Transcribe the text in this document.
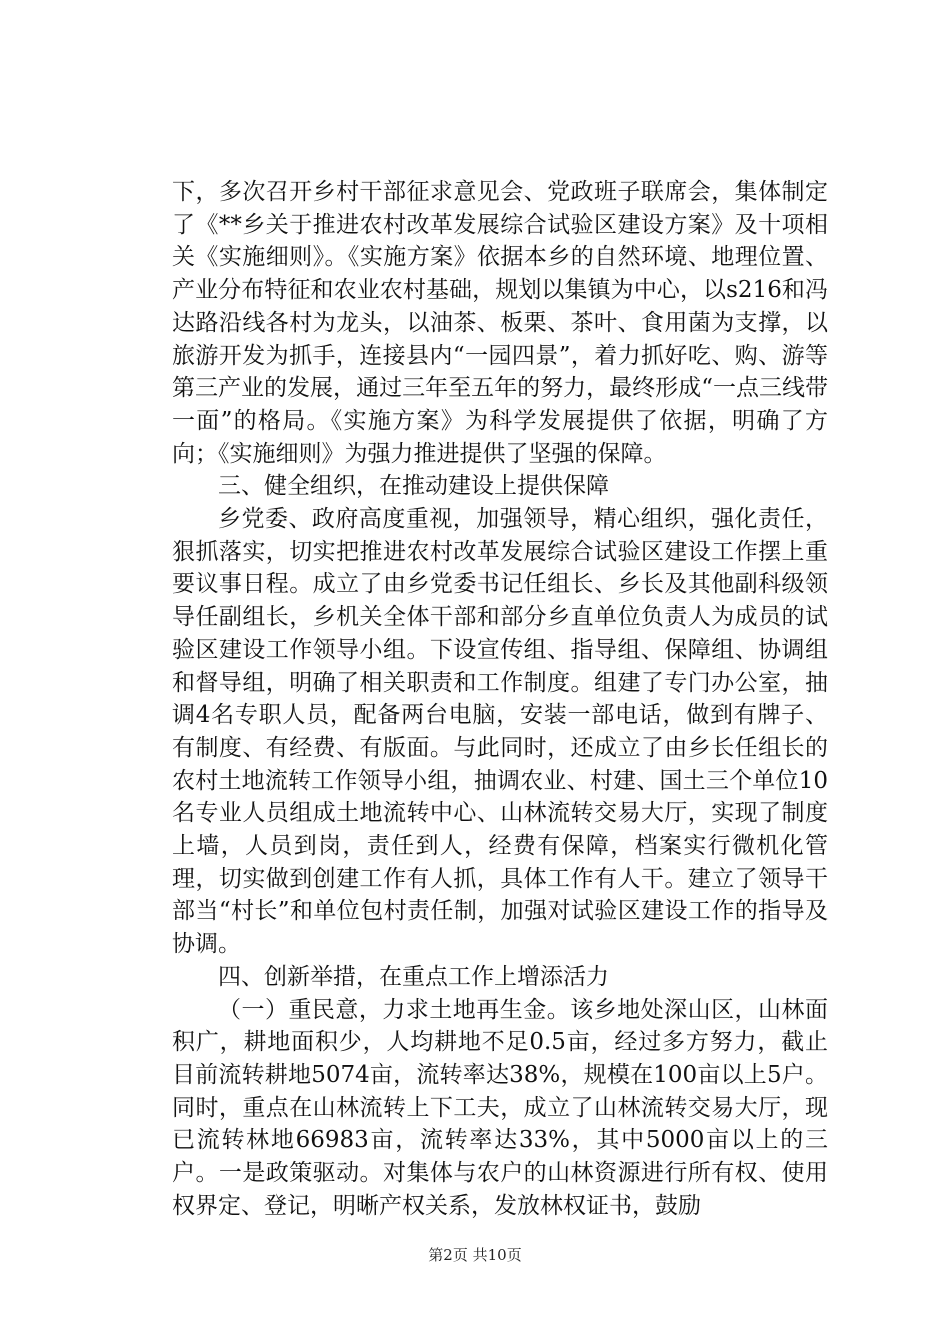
下，多次召开乡村干部征求意见会、党政班子联席会，集体制定了《**乡关于推进农村改革发展综合试验区建设方案》及十项相关《实施细则》。《实施方案》依据本乡的自然环境、地理位置、产业分布特征和农业农村基础，规划以集镇为中心，以s216和冯达路沿线各村为龙头，以油茶、板栗、茶叶、食用菌为支撑，以旅游开发为抓手，连接县内“一园四景”，着力抓好吃、购、游等第三产业的发展，通过三年至五年的努力，最终形成“一点三线带一面”的格局。《实施方案》为科学发展提供了依据，明确了方向；《实施细则》为强力推进提供了坚强的保障。

三、健全组织，在推动建设上提供保障

乡党委、政府高度重视，加强领导，精心组织，强化责任，狠抓落实，切实把推进农村改革发展综合试验区建设工作摆上重要议事日程。成立了由乡党委书记任组长、乡长及其他副科级领导任副组长，乡机关全体干部和部分乡直单位负责人为成员的试验区建设工作领导小组。下设宣传组、指导组、保障组、协调组和督导组，明确了相关职责和工作制度。组建了专门办公室，抽调4名专职人员，配备两台电脑，安装一部电话，做到有牌子、有制度、有经费、有版面。与此同时，还成立了由乡长任组长的农村土地流转工作领导小组，抽调农业、村建、国土三个单位10名专业人员组成土地流转中心、山林流转交易大厅，实现了制度上墙，人员到岗，责任到人，经费有保障，档案实行微机化管理，切实做到创建工作有人抓，具体工作有人干。建立了领导干部当“村长”和单位包村责任制，加强对试验区建设工作的指导及协调。

四、创新举措，在重点工作上增添活力

（一）重民意，力求土地再生金。该乡地处深山区，山林面积广，耕地面积少，人均耕地不足0.5亩，经过多方努力，截止目前流转耕地5074亩，流转率达38%，规模在100亩以上5户。同时，重点在山林流转上下工夫，成立了山林流转交易大厅，现已流转林地66983亩，流转率达33%，其中5000亩以上的三户。一是政策驱动。对集体与农户的山林资源进行所有权、使用权界定、登记，明晰产权关系，发放林权证书，鼓励

第2页 共10页
